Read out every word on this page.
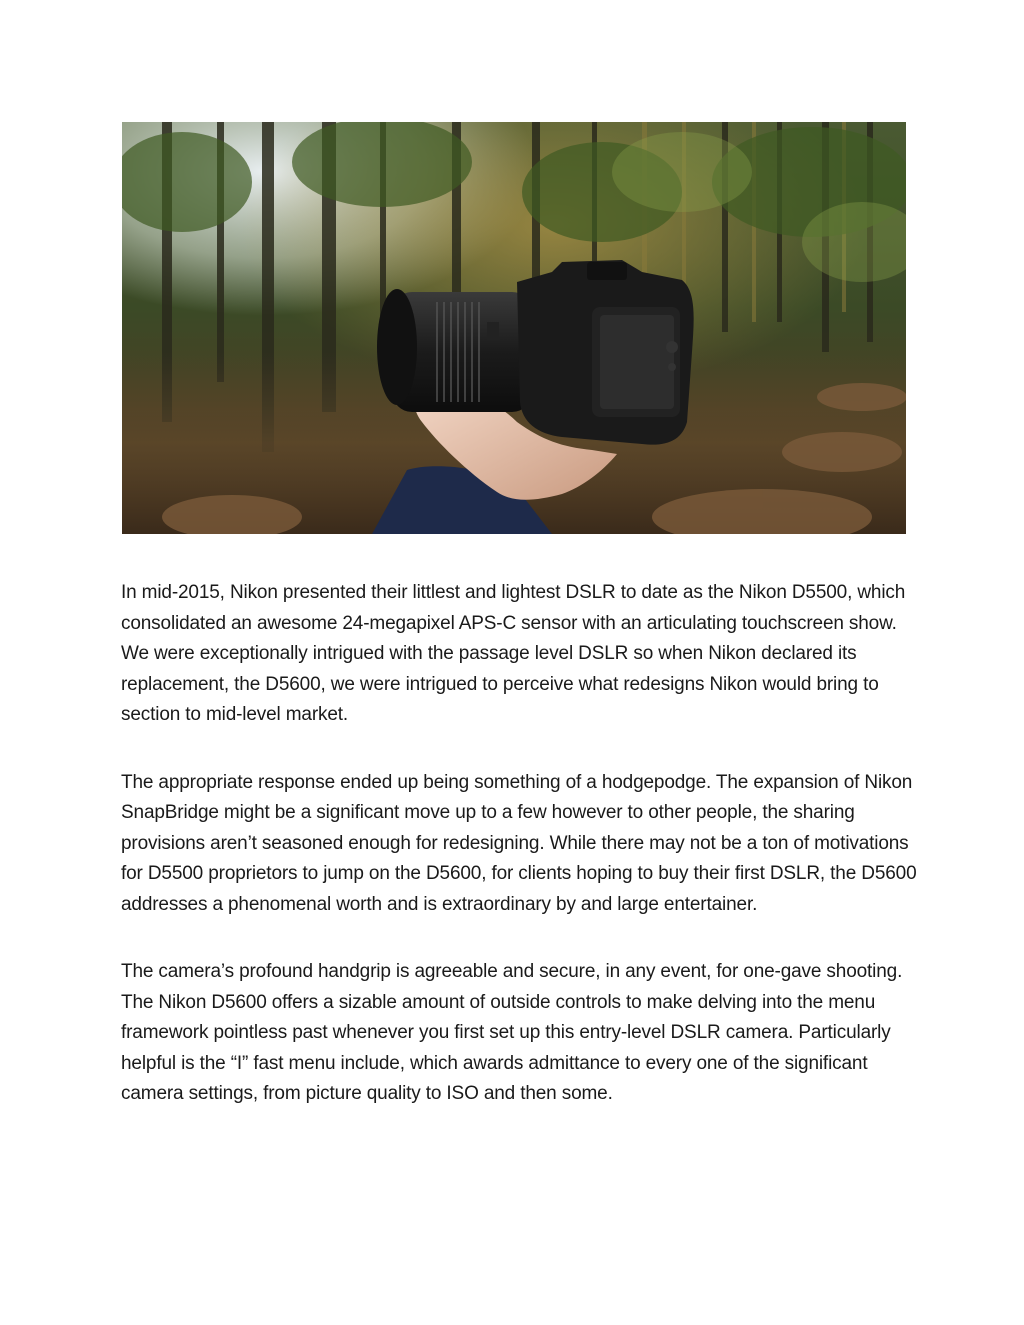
In mid-2015, Nikon presented their littlest and lightest DSLR to date as the Nikon D5500, which consolidated an awesome 24-megapixel APS-C sensor with an articulating touchscreen show. We were exceptionally intrigued with the passage level DSLR so when Nikon declared its replacement, the D5600, we were intrigued to perceive what redesigns Nikon would bring to section to mid-level market.

The appropriate response ended up being something of a hodgepodge. The expansion of Nikon SnapBridge might be a significant move up to a few however to other people, the sharing provisions aren’t seasoned enough for redesigning. While there may not be a ton of motivations for D5500 proprietors to jump on the D5600, for clients hoping to buy their first DSLR, the D5600 addresses a phenomenal worth and is extraordinary by and large entertainer.

The camera’s profound handgrip is agreeable and secure, in any event, for one-gave shooting. The Nikon D5600 offers a sizable amount of outside controls to make delving into the menu framework pointless past whenever you first set up this entry-level DSLR camera. Particularly helpful is the “I” fast menu include, which awards admittance to every one of the significant camera settings, from picture quality to ISO and then some.
